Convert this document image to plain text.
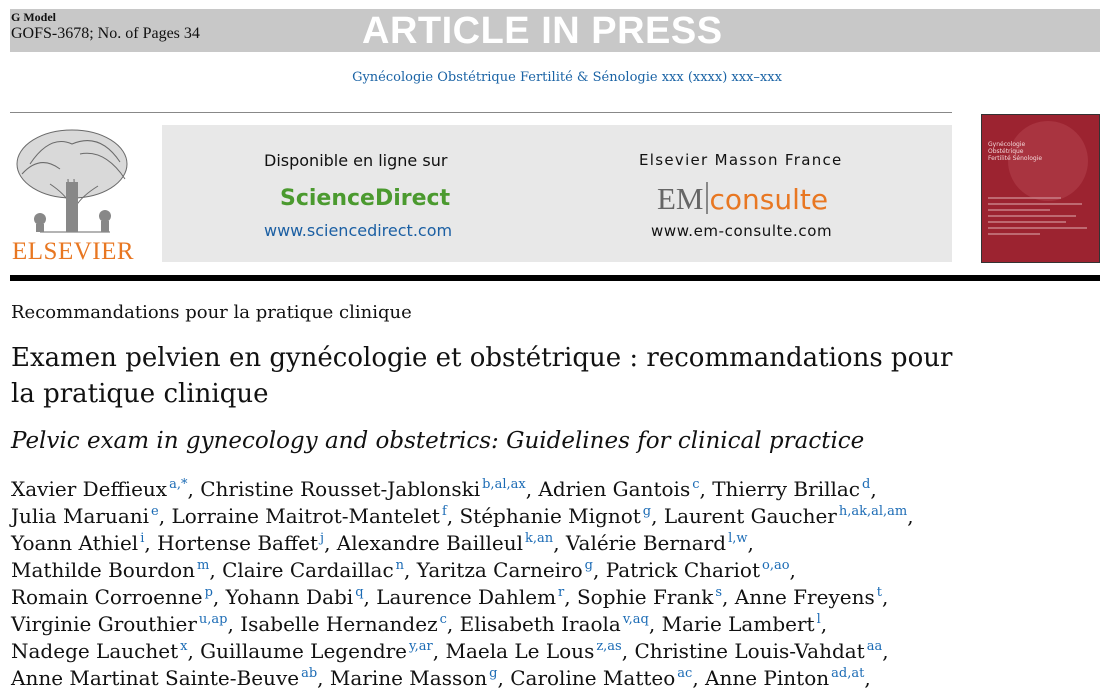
G Model
GOFS-3678; No. of Pages 34	ARTICLE IN PRESS
Gynécologie Obstétrique Fertilité & Sénologie xxx (xxxx) xxx–xxx
ELSEVIER
Disponible en ligne sur
ScienceDirect
www.sciencedirect.com
Elsevier Masson France
EM consulte
www.em-consulte.com
Gynécologie Obstétrique Fertilité Sénologie
Recommandations pour la pratique clinique
Examen pelvien en gynécologie et obstétrique : recommandations pour la pratique clinique
Pelvic exam in gynecology and obstetrics: Guidelines for clinical practice
Xavier Deffieux $^{a,*}$, Christine Rousset-Jablonski $^{b,al,ax}$, Adrien Gantois $^c$, Thierry Brillac $^d$,
Julia Maruani $^e$, Lorraine Maitrot-Mantelet $^f$, Stéphanie Mignot $^g$, Laurent Gaucher $^{h,ak,al,am}$,
Yoann Athiel $^i$, Hortense Baffet $^j$, Alexandre Bailleul $^{k,an}$, Valérie Bernard $^{l,w}$,
Mathilde Bourdon $^m$, Claire Cardaillac $^n$, Yaritza Carneiro $^g$, Patrick Chariot $^{o,ao}$,
Romain Corroenne $^p$, Yohann Dabi $^q$, Laurence Dahlem $^r$, Sophie Frank $^s$, Anne Freyens $^t$,
Virginie Grouthier $^{u,ap}$, Isabelle Hernandez $^c$, Elisabeth Iraola $^{v,aq}$, Marie Lambert $^l$,
Nadege Lauchet $^x$, Guillaume Legendre $^{y,ar}$, Maela Le Lous $^{z,as}$, Christine Louis-Vahdat $^{aa}$,
Anne Martinat Sainte-Beuve $^{ab}$, Marine Masson $^g$, Caroline Matteo $^{ac}$, Anne Pinton $^{ad,at}$,
